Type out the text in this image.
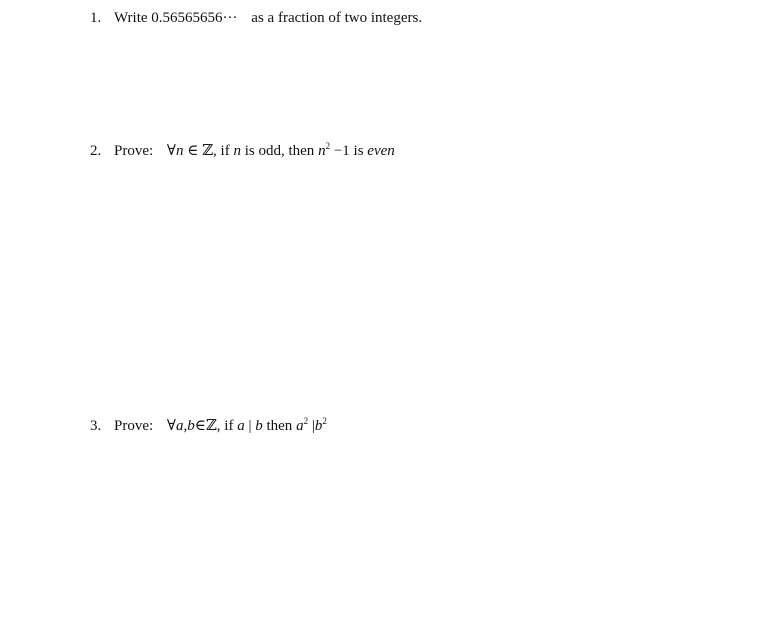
1. Write 0.56565656··· as a fraction of two integers.
2. Prove: ∀n ∈ ℤ, if n is odd, then $n^2 -1$ is even
3. Prove: ∀a,b∈ℤ, if a | b then $a^2$ $|b^2$
